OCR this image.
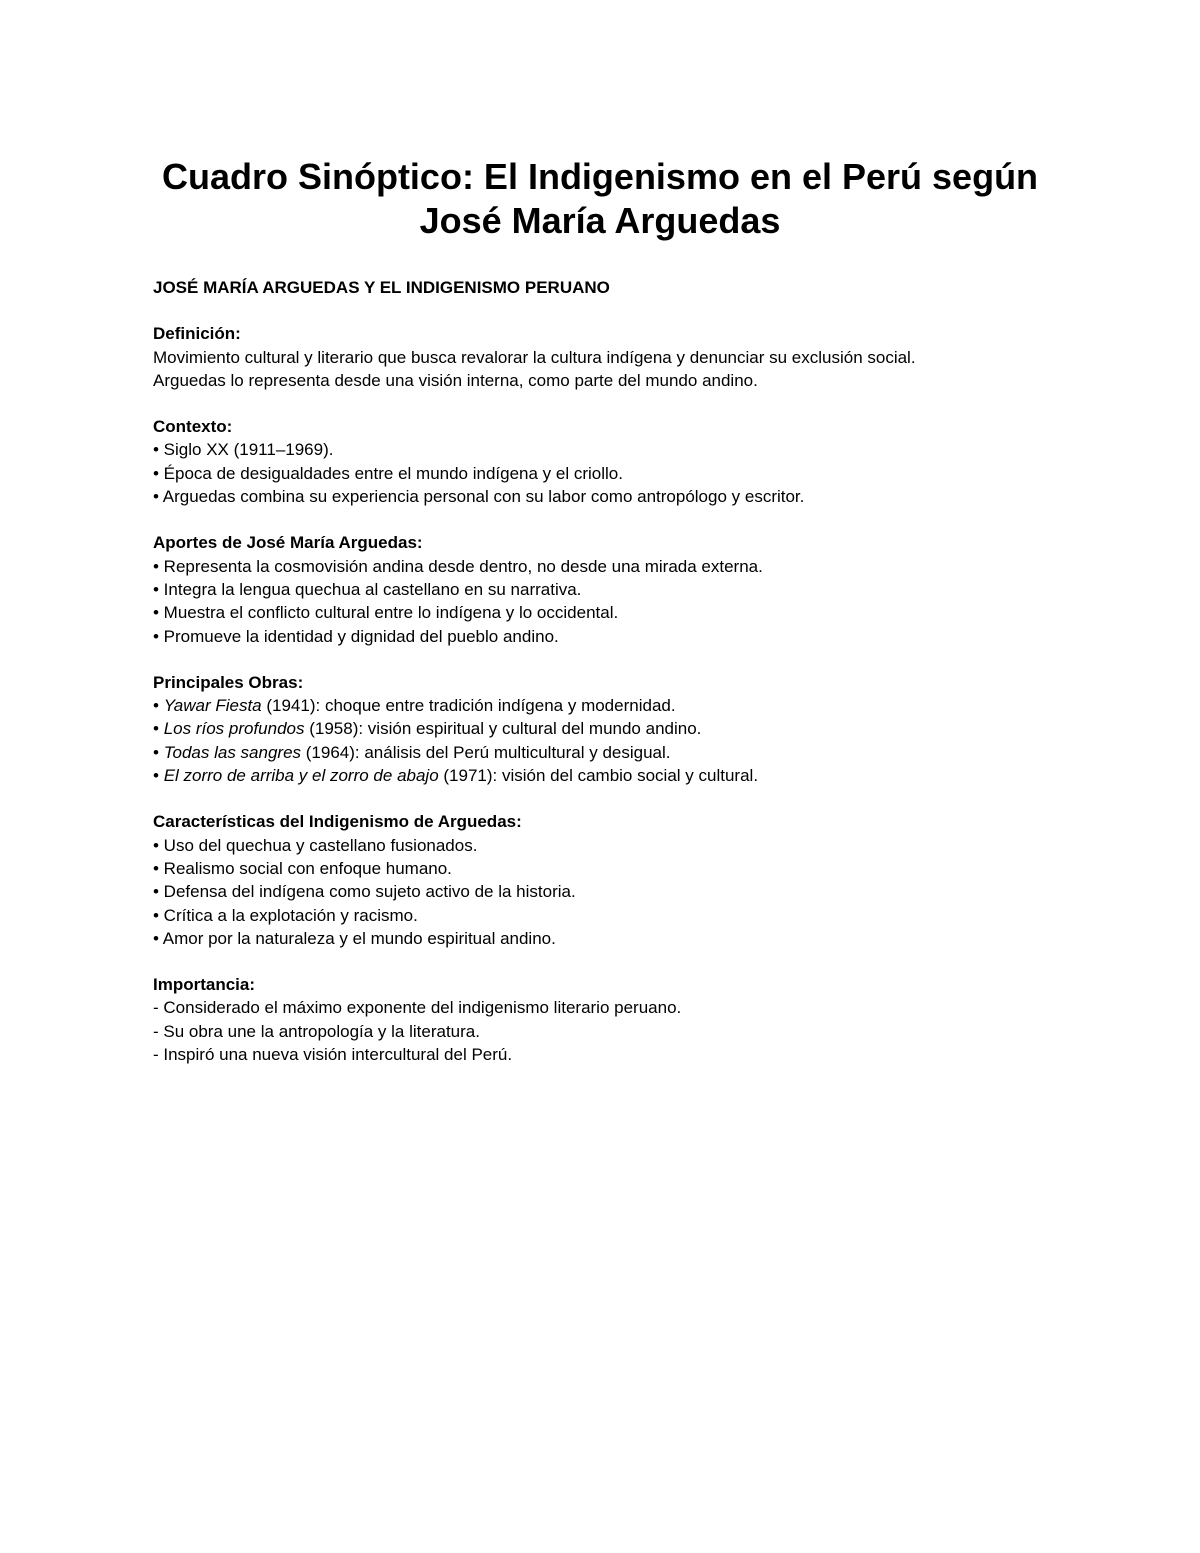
Cuadro Sinóptico: El Indigenismo en el Perú según
José María Arguedas

JOSÉ MARÍA ARGUEDAS Y EL INDIGENISMO PERUANO

Definición:

Movimiento cultural y literario que busca revalorar la cultura indígena y denunciar su exclusión social.

Arguedas lo representa desde una visión interna, como parte del mundo andino.

Contexto:

• Siglo XX (1911–1969).
• Época de desigualdades entre el mundo indígena y el criollo.
• Arguedas combina su experiencia personal con su labor como antropólogo y escritor.

Aportes de José María Arguedas:

• Representa la cosmovisión andina desde dentro, no desde una mirada externa.
• Integra la lengua quechua al castellano en su narrativa.
• Muestra el conflicto cultural entre lo indígena y lo occidental.
• Promueve la identidad y dignidad del pueblo andino.

Principales Obras:

• Yawar Fiesta (1941): choque entre tradición indígena y modernidad.
• Los ríos profundos (1958): visión espiritual y cultural del mundo andino.
• Todas las sangres (1964): análisis del Perú multicultural y desigual.
• El zorro de arriba y el zorro de abajo (1971): visión del cambio social y cultural.

Características del Indigenismo de Arguedas:

• Uso del quechua y castellano fusionados.
• Realismo social con enfoque humano.
• Defensa del indígena como sujeto activo de la historia.
• Crítica a la explotación y racismo.
• Amor por la naturaleza y el mundo espiritual andino.

Importancia:

- Considerado el máximo exponente del indigenismo literario peruano.
- Su obra une la antropología y la literatura.
- Inspiró una nueva visión intercultural del Perú.
